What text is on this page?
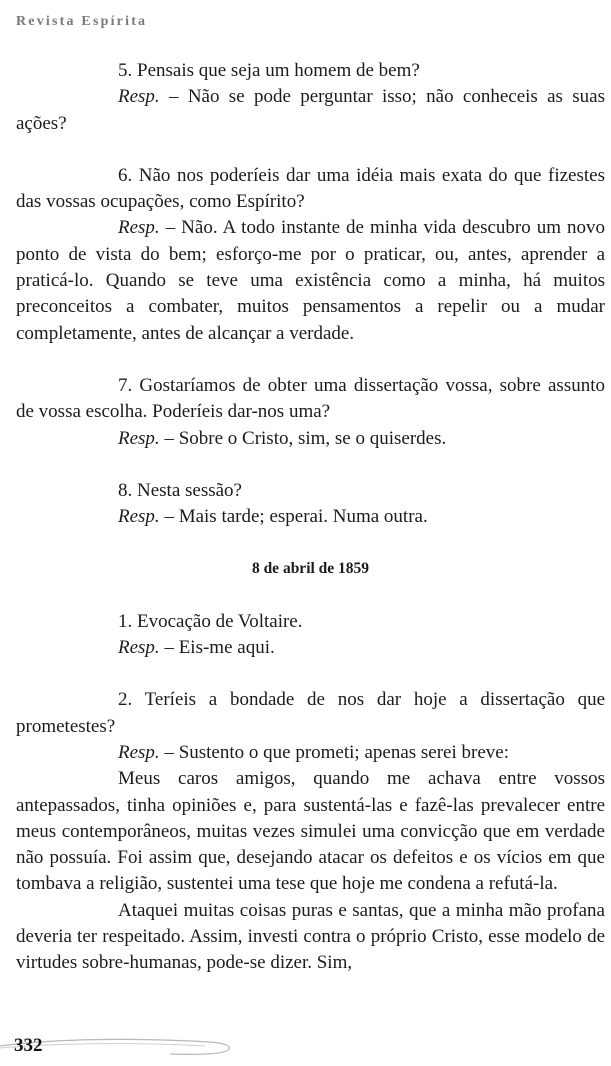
Revista Espírita

5. Pensais que seja um homem de bem?

Resp. – Não se pode perguntar isso; não conheceis as suas ações?

6. Não nos poderíeis dar uma idéia mais exata do que fizestes das vossas ocupações, como Espírito?

Resp. – Não. A todo instante de minha vida descubro um novo ponto de vista do bem; esforço-me por o praticar, ou, antes, aprender a praticá-lo. Quando se teve uma existência como a minha, há muitos preconceitos a combater, muitos pensamentos a repelir ou a mudar completamente, antes de alcançar a verdade.

7. Gostaríamos de obter uma dissertação vossa, sobre assunto de vossa escolha. Poderíeis dar-nos uma?

Resp. – Sobre o Cristo, sim, se o quiserdes.

8. Nesta sessão?

Resp. – Mais tarde; esperai. Numa outra.

8 de abril de 1859

1. Evocação de Voltaire.

Resp. – Eis-me aqui.

2. Teríeis a bondade de nos dar hoje a dissertação que prometestes?

Resp. – Sustento o que prometi; apenas serei breve:

Meus caros amigos, quando me achava entre vossos antepassados, tinha opiniões e, para sustentá-las e fazê-las prevalecer entre meus contemporâneos, muitas vezes simulei uma convicção que em verdade não possuía. Foi assim que, desejando atacar os defeitos e os vícios em que tombava a religião, sustentei uma tese que hoje me condena a refutá-la.

Ataquei muitas coisas puras e santas, que a minha mão profana deveria ter respeitado. Assim, investi contra o próprio Cristo, esse modelo de virtudes sobre-humanas, pode-se dizer. Sim,

332
